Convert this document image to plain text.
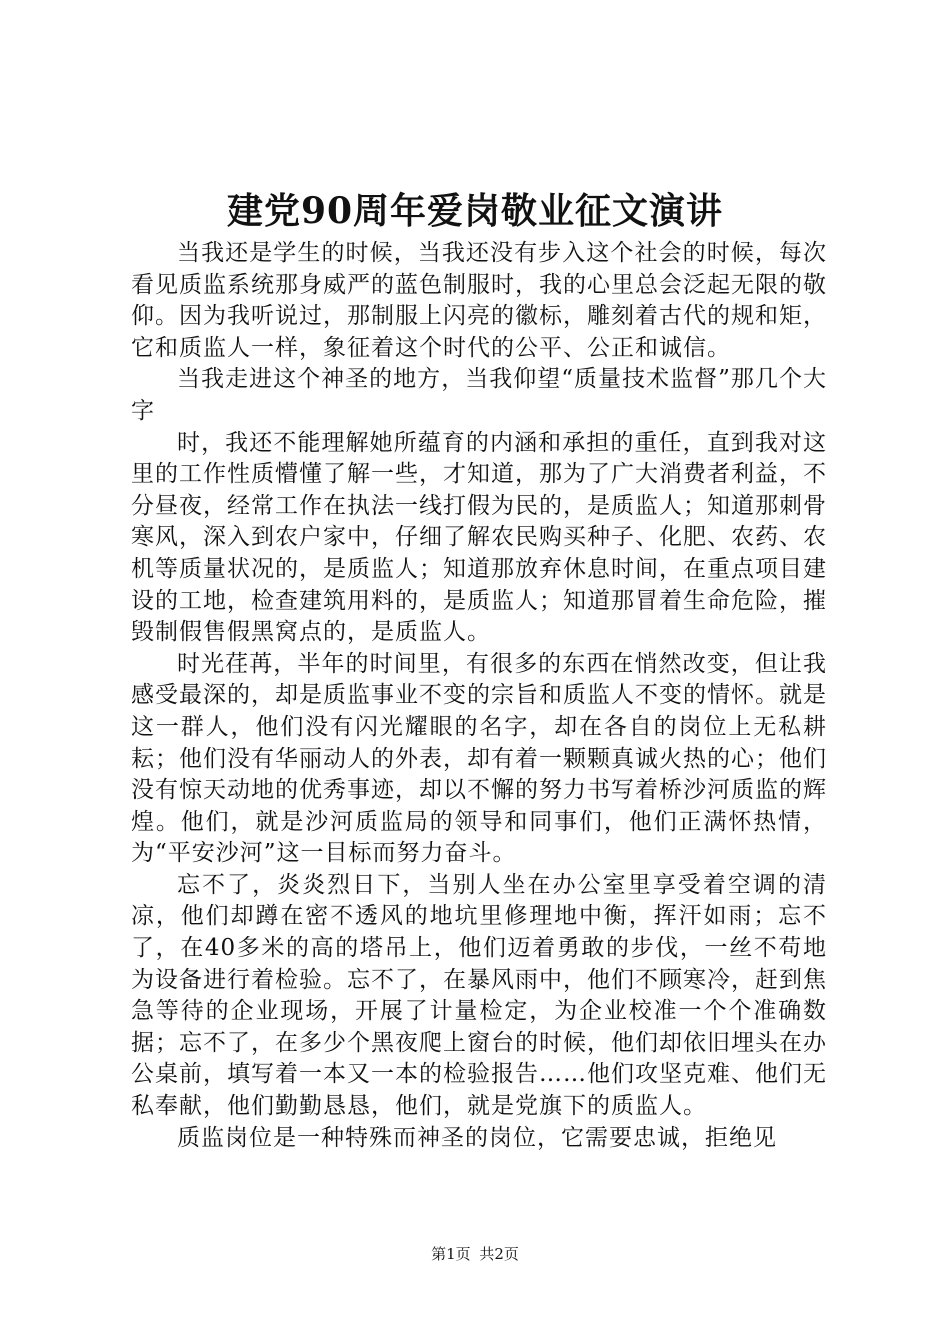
建党90周年爱岗敬业征文演讲

当我还是学生的时候，当我还没有步入这个社会的时候，每次看见质监系统那身威严的蓝色制服时，我的心里总会泛起无限的敬仰。因为我听说过，那制服上闪亮的徽标，雕刻着古代的规和矩，它和质监人一样，象征着这个时代的公平、公正和诚信。

当我走进这个神圣的地方，当我仰望“质量技术监督”那几个大字

时，我还不能理解她所蕴育的内涵和承担的重任，直到我对这里的工作性质懵懂了解一些，才知道，那为了广大消费者利益，不分昼夜，经常工作在执法一线打假为民的，是质监人；知道那刺骨寒风，深入到农户家中，仔细了解农民购买种子、化肥、农药、农机等质量状况的，是质监人；知道那放弃休息时间，在重点项目建设的工地，检查建筑用料的，是质监人；知道那冒着生命危险，摧毁制假售假黑窝点的，是质监人。

时光荏苒，半年的时间里，有很多的东西在悄然改变，但让我感受最深的，却是质监事业不变的宗旨和质监人不变的情怀。就是这一群人，他们没有闪光耀眼的名字，却在各自的岗位上无私耕耘；他们没有华丽动人的外表，却有着一颗颗真诚火热的心；他们没有惊天动地的优秀事迹，却以不懈的努力书写着桥沙河质监的辉煌。他们，就是沙河质监局的领导和同事们，他们正满怀热情，为“平安沙河”这一目标而努力奋斗。

忘不了，炎炎烈日下，当别人坐在办公室里享受着空调的清凉，他们却蹲在密不透风的地坑里修理地中衡，挥汗如雨；忘不了，在40多米的高的塔吊上，他们迈着勇敢的步伐，一丝不苟地为设备进行着检验。忘不了，在暴风雨中，他们不顾寒冷，赶到焦急等待的企业现场，开展了计量检定，为企业校准一个个准确数据；忘不了，在多少个黑夜爬上窗台的时候，他们却依旧埋头在办公桌前，填写着一本又一本的检验报告……他们攻坚克难、他们无私奉献，他们勤勤恳恳，他们，就是党旗下的质监人。

质监岗位是一种特殊而神圣的岗位，它需要忠诚，拒绝见

第1页 共2页
